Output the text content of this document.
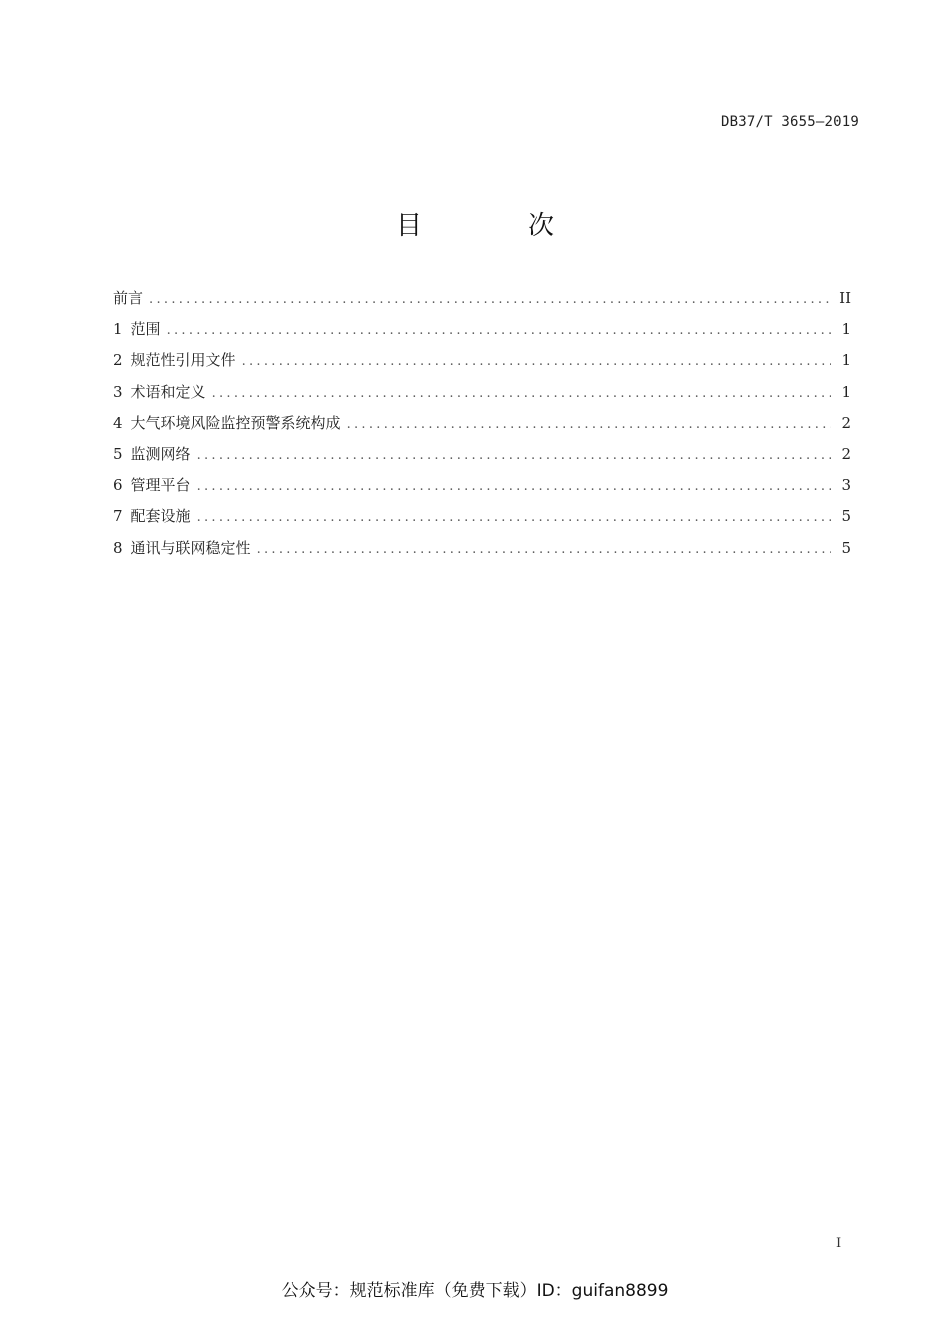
DB37/T 3655—2019
目　次
前言 .....	II
1 范围 .....	1
2 规范性引用文件 .....	1
3 术语和定义 .....	1
4 大气环境风险监控预警系统构成 .....	2
5 监测网络 .....	2
6 管理平台 .....	3
7 配套设施 .....	5
8 通讯与联网稳定性 .....	5
I
公众号：规范标准库（免费下载）ID：guifan8899
